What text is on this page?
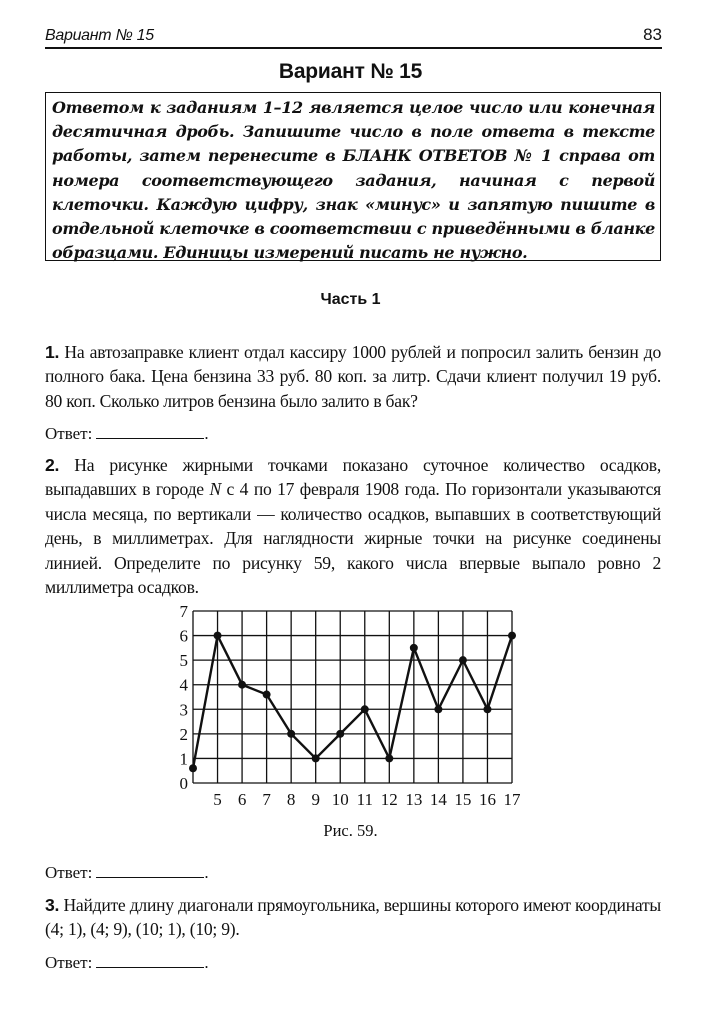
Вариант № 15	83
Вариант № 15
Ответом к заданиям 1–12 является целое число или конечная десятичная дробь. Запишите число в поле ответа в тексте работы, затем перенесите в БЛАНК ОТВЕТОВ № 1 справа от номера соответствующего задания, начиная с первой клеточки. Каждую цифру, знак «минус» и запятую пишите в отдельной клеточке в соответствии с приведёнными в бланке образцами. Единицы измерений писать не нужно.
Часть 1
1. На автозаправке клиент отдал кассиру 1000 рублей и попросил залить бензин до полного бака. Цена бензина 33 руб. 80 коп. за литр. Сдачи клиент получил 19 руб. 80 коп. Сколько литров бензина было залито в бак?
Ответ:	.
2. На рисунке жирными точками показано суточное количество осадков, выпадавших в городе N с 4 по 17 февраля 1908 года. По горизонтали указываются числа месяца, по вертикали — количество осадков, выпавших в соответствующий день, в миллиметрах. Для наглядности жирные точки на рисунке соединены линией. Определите по рисунку 59, какого числа впервые выпало ровно 2 миллиметра осадков.
0
1
2
3
4
5
6
7
5 6 7 8 9 10 11 12 13 14 15 16 17
Рис. 59.
Ответ:	.
3. Найдите длину диагонали прямоугольника, вершины которого имеют координаты (4; 1), (4; 9), (10; 1), (10; 9).
Ответ:	.
